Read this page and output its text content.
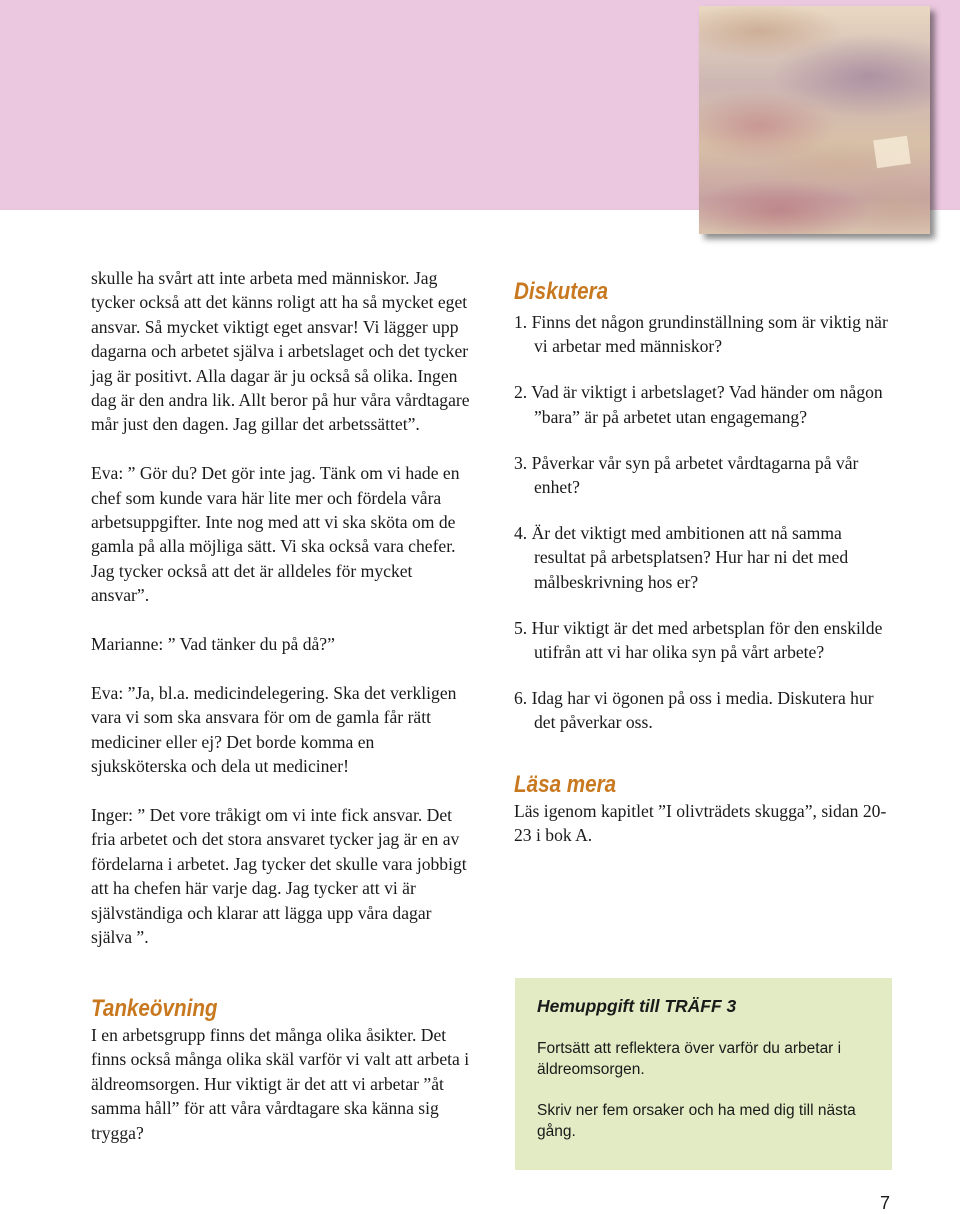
skulle ha svårt att inte arbeta med människor. Jag tycker också att det känns roligt att ha så mycket eget ansvar. Så mycket viktigt eget ansvar! Vi lägger upp dagarna och arbetet själva i arbetslaget och det tycker jag är positivt. Alla dagar är ju också så olika. Ingen dag är den andra lik. Allt beror på hur våra vårdtagare mår just den dagen. Jag gillar det arbetssättet”.

Eva: ” Gör du? Det gör inte jag. Tänk om vi hade en chef som kunde vara här lite mer och fördela våra arbetsuppgifter. Inte nog med att vi ska sköta om de gamla på alla möjliga sätt. Vi ska också vara chefer. Jag tycker också att det är alldeles för mycket ansvar”.

Marianne: ” Vad tänker du på då?”

Eva: ”Ja, bl.a. medicindelegering. Ska det verkligen vara vi som ska ansvara för om de gamla får rätt mediciner eller ej? Det borde komma en sjuksköterska och dela ut mediciner!

Inger: ” Det vore tråkigt om vi inte fick ansvar. Det fria arbetet och det stora ansvaret tycker jag är en av fördelarna i arbetet. Jag tycker det skulle vara jobbigt att ha chefen här varje dag. Jag tycker att vi är självständiga och klarar att lägga upp våra dagar själva ”.

Diskutera
1. Finns det någon grundinställning som är viktig när vi arbetar med människor?
2. Vad är viktigt i arbetslaget? Vad händer om någon ”bara” är på arbetet utan engagemang?
3. Påverkar vår syn på arbetet vårdtagarna på vår enhet?
4. Är det viktigt med ambitionen att nå samma resultat på arbetsplatsen? Hur har ni det med målbeskrivning hos er?
5. Hur viktigt är det med arbetsplan för den enskilde utifrån att vi har olika syn på vårt arbete?
6. Idag har vi ögonen på oss i media. Diskutera hur det påverkar oss.
Läsa mera
Läs igenom kapitlet ”I olivträdets skugga”, sidan 20-23 i bok A.
Tankeövning
I en arbetsgrupp finns det många olika åsikter. Det finns också många olika skäl varför vi valt att arbeta i äldreomsorgen. Hur viktigt är det att vi arbetar ”åt samma håll” för att våra vårdtagare ska känna sig trygga?
Hemuppgift till TRÄFF 3

Fortsätt att reflektera över varför du arbetar i äldreomsorgen.

Skriv ner fem orsaker och ha med dig till nästa gång.

7
